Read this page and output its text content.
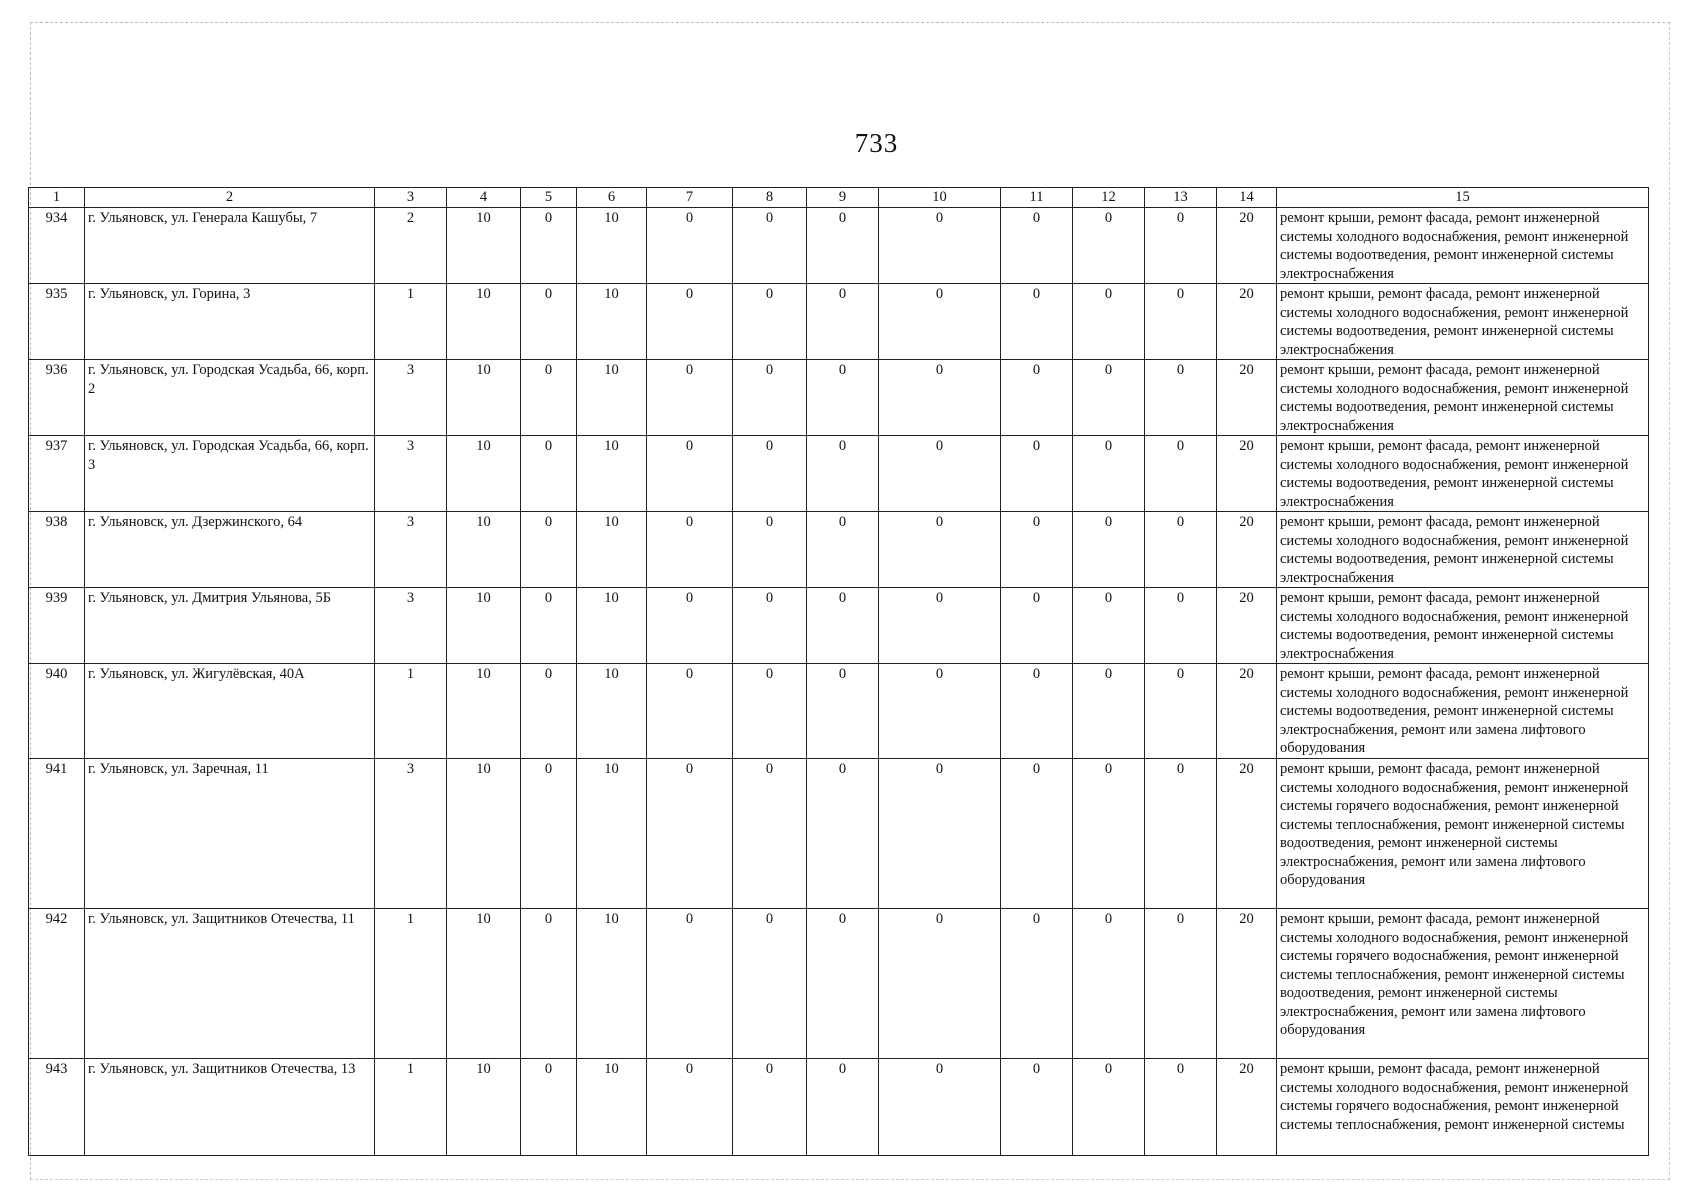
733
1	2	3	4	5	6	7	8	9	10	11	12	13	14	15
934	г. Ульяновск, ул. Генерала Кашубы, 7	2	10	0	10	0	0	0	0	0	0	0	20	ремонт крыши, ремонт фасада, ремонт инженерной системы холодного водоснабжения, ремонт инженерной системы водоотведения, ремонт инженерной системы электроснабжения
935	г. Ульяновск, ул. Горина, 3	1	10	0	10	0	0	0	0	0	0	0	20	ремонт крыши, ремонт фасада, ремонт инженерной системы холодного водоснабжения, ремонт инженерной системы водоотведения, ремонт инженерной системы электроснабжения
936	г. Ульяновск, ул. Городская Усадьба, 66, корп. 2	3	10	0	10	0	0	0	0	0	0	0	20	ремонт крыши, ремонт фасада, ремонт инженерной системы холодного водоснабжения, ремонт инженерной системы водоотведения, ремонт инженерной системы электроснабжения
937	г. Ульяновск, ул. Городская Усадьба, 66, корп. 3	3	10	0	10	0	0	0	0	0	0	0	20	ремонт крыши, ремонт фасада, ремонт инженерной системы холодного водоснабжения, ремонт инженерной системы водоотведения, ремонт инженерной системы электроснабжения
938	г. Ульяновск, ул. Дзержинского, 64	3	10	0	10	0	0	0	0	0	0	0	20	ремонт крыши, ремонт фасада, ремонт инженерной системы холодного водоснабжения, ремонт инженерной системы водоотведения, ремонт инженерной системы электроснабжения
939	г. Ульяновск, ул. Дмитрия Ульянова, 5Б	3	10	0	10	0	0	0	0	0	0	0	20	ремонт крыши, ремонт фасада, ремонт инженерной системы холодного водоснабжения, ремонт инженерной системы водоотведения, ремонт инженерной системы электроснабжения
940	г. Ульяновск, ул. Жигулёвская, 40А	1	10	0	10	0	0	0	0	0	0	0	20	ремонт крыши, ремонт фасада, ремонт инженерной системы холодного водоснабжения, ремонт инженерной системы водоотведения, ремонт инженерной системы электроснабжения, ремонт или замена лифтового оборудования
941	г. Ульяновск, ул. Заречная, 11	3	10	0	10	0	0	0	0	0	0	0	20	ремонт крыши, ремонт фасада, ремонт инженерной системы холодного водоснабжения, ремонт инженерной системы горячего водоснабжения, ремонт инженерной системы теплоснабжения, ремонт инженерной системы водоотведения, ремонт инженерной системы электроснабжения, ремонт или замена лифтового оборудования
942	г. Ульяновск, ул. Защитников Отечества, 11	1	10	0	10	0	0	0	0	0	0	0	20	ремонт крыши, ремонт фасада, ремонт инженерной системы холодного водоснабжения, ремонт инженерной системы горячего водоснабжения, ремонт инженерной системы теплоснабжения, ремонт инженерной системы водоотведения, ремонт инженерной системы электроснабжения, ремонт или замена лифтового оборудования
943	г. Ульяновск, ул. Защитников Отечества, 13	1	10	0	10	0	0	0	0	0	0	0	20	ремонт крыши, ремонт фасада, ремонт инженерной системы холодного водоснабжения, ремонт инженерной системы горячего водоснабжения, ремонт инженерной системы теплоснабжения, ремонт инженерной системы
